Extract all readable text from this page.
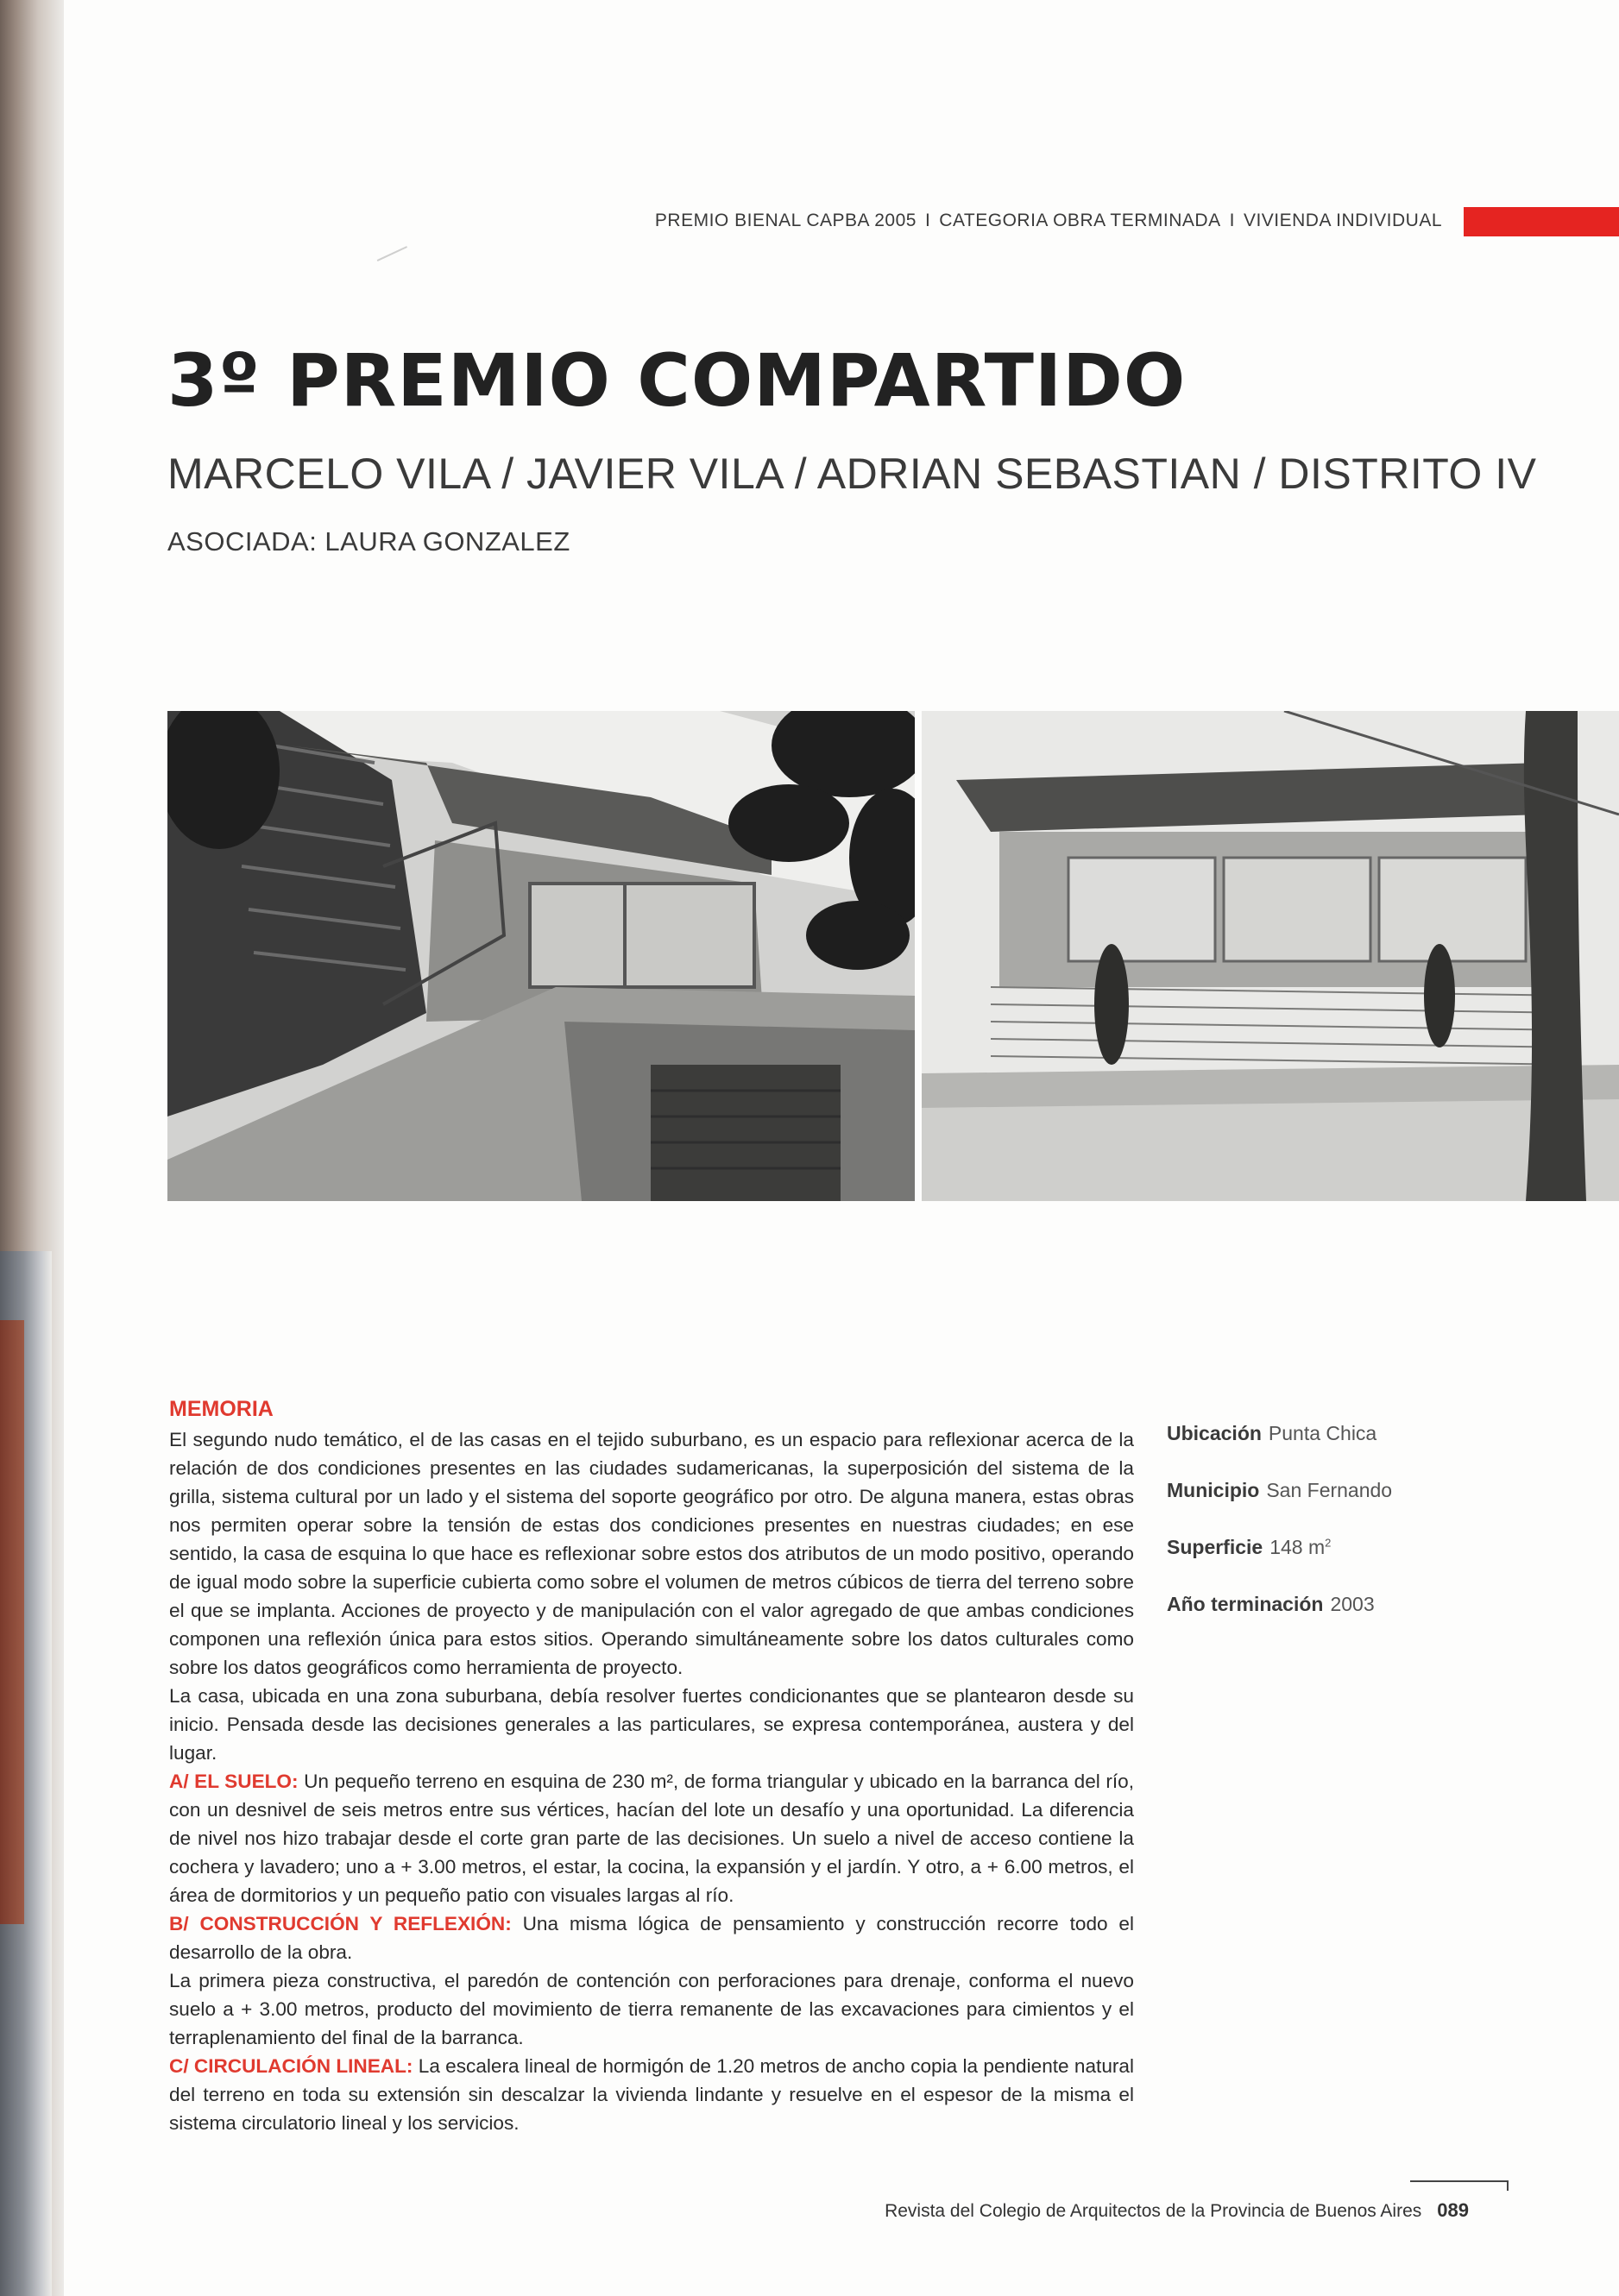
PREMIO BIENAL CAPBA 2005 I CATEGORIA OBRA TERMINADA I VIVIENDA INDIVIDUAL
3º PREMIO COMPARTIDO
MARCELO VILA / JAVIER VILA / ADRIAN SEBASTIAN / DISTRITO IV
ASOCIADA: LAURA GONZALEZ
MEMORIA

El segundo nudo temático, el de las casas en el tejido suburbano, es un espacio para reflexionar acerca de la relación de dos condiciones presentes en las ciudades sudamericanas, la superposición del sistema de la grilla, sistema cultural por un lado y el sistema del soporte geográfico por otro. De alguna manera, estas obras nos permiten operar sobre la tensión de estas dos condiciones presentes en nuestras ciudades; en ese sentido, la casa de esquina lo que hace es reflexionar sobre estos dos atributos de un modo positivo, operando de igual modo sobre la superficie cubierta como sobre el volumen de metros cúbicos de tierra del terreno sobre el que se implanta. Acciones de proyecto y de manipulación con el valor agregado de que ambas condiciones componen una reflexión única para estos sitios. Operando simultáneamente sobre los datos culturales como sobre los datos geográficos como herramienta de proyecto.

La casa, ubicada en una zona suburbana, debía resolver fuertes condicionantes que se plantearon desde su inicio. Pensada desde las decisiones generales a las particulares, se expresa contemporánea, austera y del lugar.

A/ EL SUELO: Un pequeño terreno en esquina de 230 m², de forma triangular y ubicado en la barranca del río, con un desnivel de seis metros entre sus vértices, hacían del lote un desafío y una oportunidad. La diferencia de nivel nos hizo trabajar desde el corte gran parte de las decisiones. Un suelo a nivel de acceso contiene la cochera y lavadero; uno a + 3.00 metros, el estar, la cocina, la expansión y el jardín. Y otro, a + 6.00 metros, el área de dormitorios y un pequeño patio con visuales largas al río.

B/ CONSTRUCCIÓN Y REFLEXIÓN: Una misma lógica de pensamiento y construcción recorre todo el desarrollo de la obra.

La primera pieza constructiva, el paredón de contención con perforaciones para drenaje, conforma el nuevo suelo a + 3.00 metros, producto del movimiento de tierra remanente de las excavaciones para cimientos y el terraplenamiento del final de la barranca.

C/ CIRCULACIÓN LINEAL: La escalera lineal de hormigón de 1.20 metros de ancho copia la pendiente natural del terreno en toda su extensión sin descalzar la vivienda lindante y resuelve en el espesor de la misma el sistema circulatorio lineal y los servicios.

Ubicación Punta Chica
Municipio San Fernando
Superficie 148 $m^2$
Año terminación 2003
Revista del Colegio de Arquitectos de la Provincia de Buenos Aires 089
